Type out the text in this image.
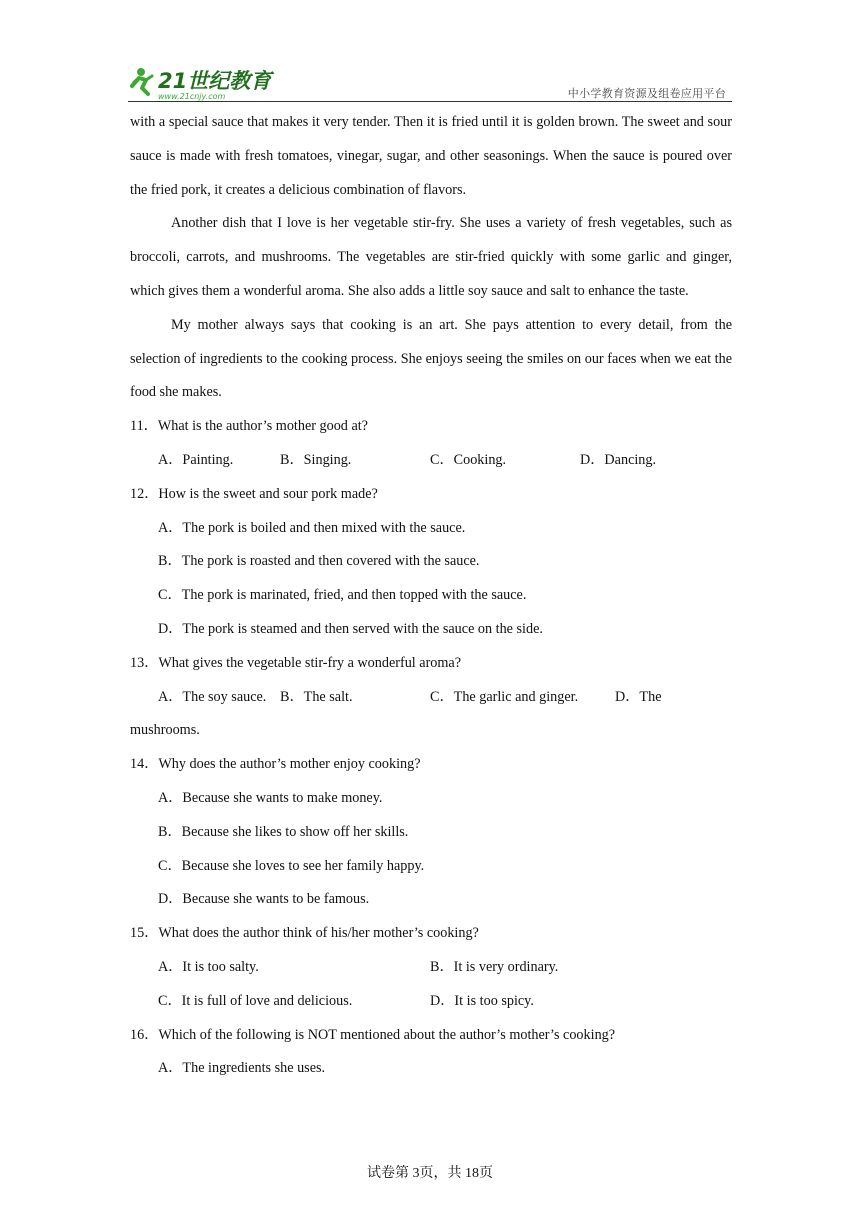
21世纪教育
www.21cnjy.com	中小学教育资源及组卷应用平台

with a special sauce that makes it very tender. Then it is fried until it is golden brown. The sweet and sour sauce is made with fresh tomatoes, vinegar, sugar, and other seasonings. When the sauce is poured over the fried pork, it creates a delicious combination of flavors.

Another dish that I love is her vegetable stir-fry. She uses a variety of fresh vegetables, such as broccoli, carrots, and mushrooms. The vegetables are stir-fried quickly with some garlic and ginger, which gives them a wonderful aroma. She also adds a little soy sauce and salt to enhance the taste.

My mother always says that cooking is an art. She pays attention to every detail, from the selection of ingredients to the cooking process. She enjoys seeing the smiles on our faces when we eat the food she makes.

11．What is the author’s mother good at?

A．Painting.	B．Singing.	C．Cooking.	D．Dancing.

12．How is the sweet and sour pork made?

A．The pork is boiled and then mixed with the sauce.

B．The pork is roasted and then covered with the sauce.

C．The pork is marinated, fried, and then topped with the sauce.

D．The pork is steamed and then served with the sauce on the side.

13．What gives the vegetable stir-fry a wonderful aroma?

A．The soy sauce. B．The salt.	C．The garlic and ginger.	D．The

mushrooms.

14．Why does the author’s mother enjoy cooking?

A．Because she wants to make money.

B．Because she likes to show off her skills.

C．Because she loves to see her family happy.

D．Because she wants to be famous.

15．What does the author think of his/her mother’s cooking?

A．It is too salty.	B．It is very ordinary.
C．It is full of love and delicious.	D．It is too spicy.

16．Which of the following is NOT mentioned about the author’s mother’s cooking?

A．The ingredients she uses.

试卷第 3页，共 18页
